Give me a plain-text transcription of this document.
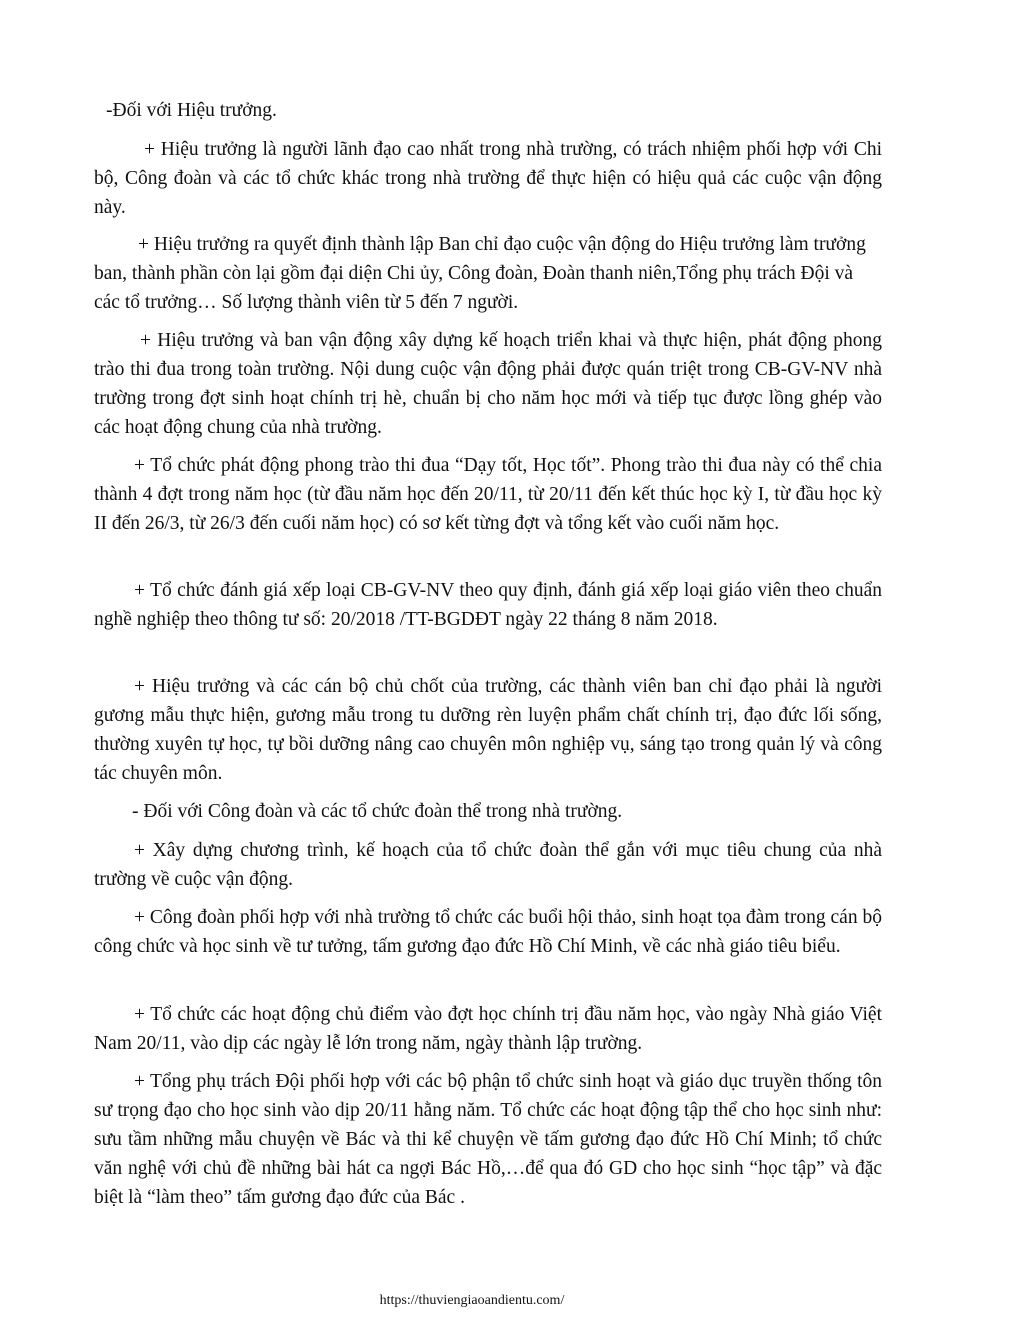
-Đối với Hiệu trưởng.

+ Hiệu trưởng là người lãnh đạo cao nhất trong nhà trường, có trách nhiệm phối hợp với Chi bộ, Công đoàn và các tổ chức khác trong nhà trường để thực hiện có hiệu quả các cuộc vận động này.

+ Hiệu trưởng ra quyết định thành lập Ban chỉ đạo cuộc vận động do Hiệu trưởng làm trưởng ban, thành phần còn lại gồm đại diện Chi ủy, Công đoàn, Đoàn thanh niên,Tổng phụ trách Đội và các tổ trưởng… Số lượng thành viên từ 5 đến 7 người.

+ Hiệu trưởng và ban vận động xây dựng kế hoạch triển khai và thực hiện, phát động phong trào thi đua trong toàn trường. Nội dung cuộc vận động phải được quán triệt trong CB-GV-NV nhà trường trong đợt sinh hoạt chính trị hè, chuẩn bị cho năm học mới và tiếp tục được lồng ghép vào các hoạt động chung của nhà trường.

+ Tổ chức phát động phong trào thi đua “Dạy tốt, Học tốt”. Phong trào thi đua này có thể chia thành 4 đợt trong năm học (từ đầu năm học đến 20/11, từ 20/11 đến kết thúc học kỳ I, từ đầu học kỳ II đến 26/3, từ 26/3 đến cuối năm học) có sơ kết từng đợt và tổng kết vào cuối năm học.

+ Tổ chức đánh giá xếp loại CB-GV-NV theo quy định, đánh giá xếp loại giáo viên theo chuẩn nghề nghiệp theo thông tư số: 20/2018 /TT-BGDĐT ngày 22 tháng 8 năm 2018.

+ Hiệu trưởng và các cán bộ chủ chốt của trường, các thành viên ban chỉ đạo phải là người gương mẫu thực hiện, gương mẫu trong tu dưỡng rèn luyện phẩm chất chính trị, đạo đức lối sống, thường xuyên tự học, tự bồi dưỡng nâng cao chuyên môn nghiệp vụ, sáng tạo trong quản lý và công tác chuyên môn.

- Đối với Công đoàn và các tổ chức đoàn thể trong nhà trường.

+ Xây dựng chương trình, kế hoạch của tổ chức đoàn thể gắn với mục tiêu chung của nhà trường về cuộc vận động.

+ Công đoàn phối hợp với nhà trường tổ chức các buổi hội thảo, sinh hoạt tọa đàm trong cán bộ công chức và học sinh về tư tưởng, tấm gương đạo đức Hồ Chí Minh, về các nhà giáo tiêu biểu.

+ Tổ chức các hoạt động chủ điểm vào đợt học chính trị đầu năm học, vào ngày Nhà giáo Việt Nam 20/11, vào dịp các ngày lễ lớn trong năm, ngày thành lập trường.

+ Tổng phụ trách Đội phối hợp với các bộ phận tổ chức sinh hoạt và giáo dục truyền thống tôn sư trọng đạo cho học sinh vào dịp 20/11 hằng năm. Tổ chức các hoạt động tập thể cho học sinh như: sưu tầm những mẫu chuyện về Bác và thi kể chuyện về tấm gương đạo đức Hồ Chí Minh; tổ chức văn nghệ với chủ đề những bài hát ca ngợi Bác Hồ,…để qua đó GD cho học sinh “học tập” và đặc biệt là “làm theo” tấm gương đạo đức của Bác .

https://thuviengiaoandientu.com/
